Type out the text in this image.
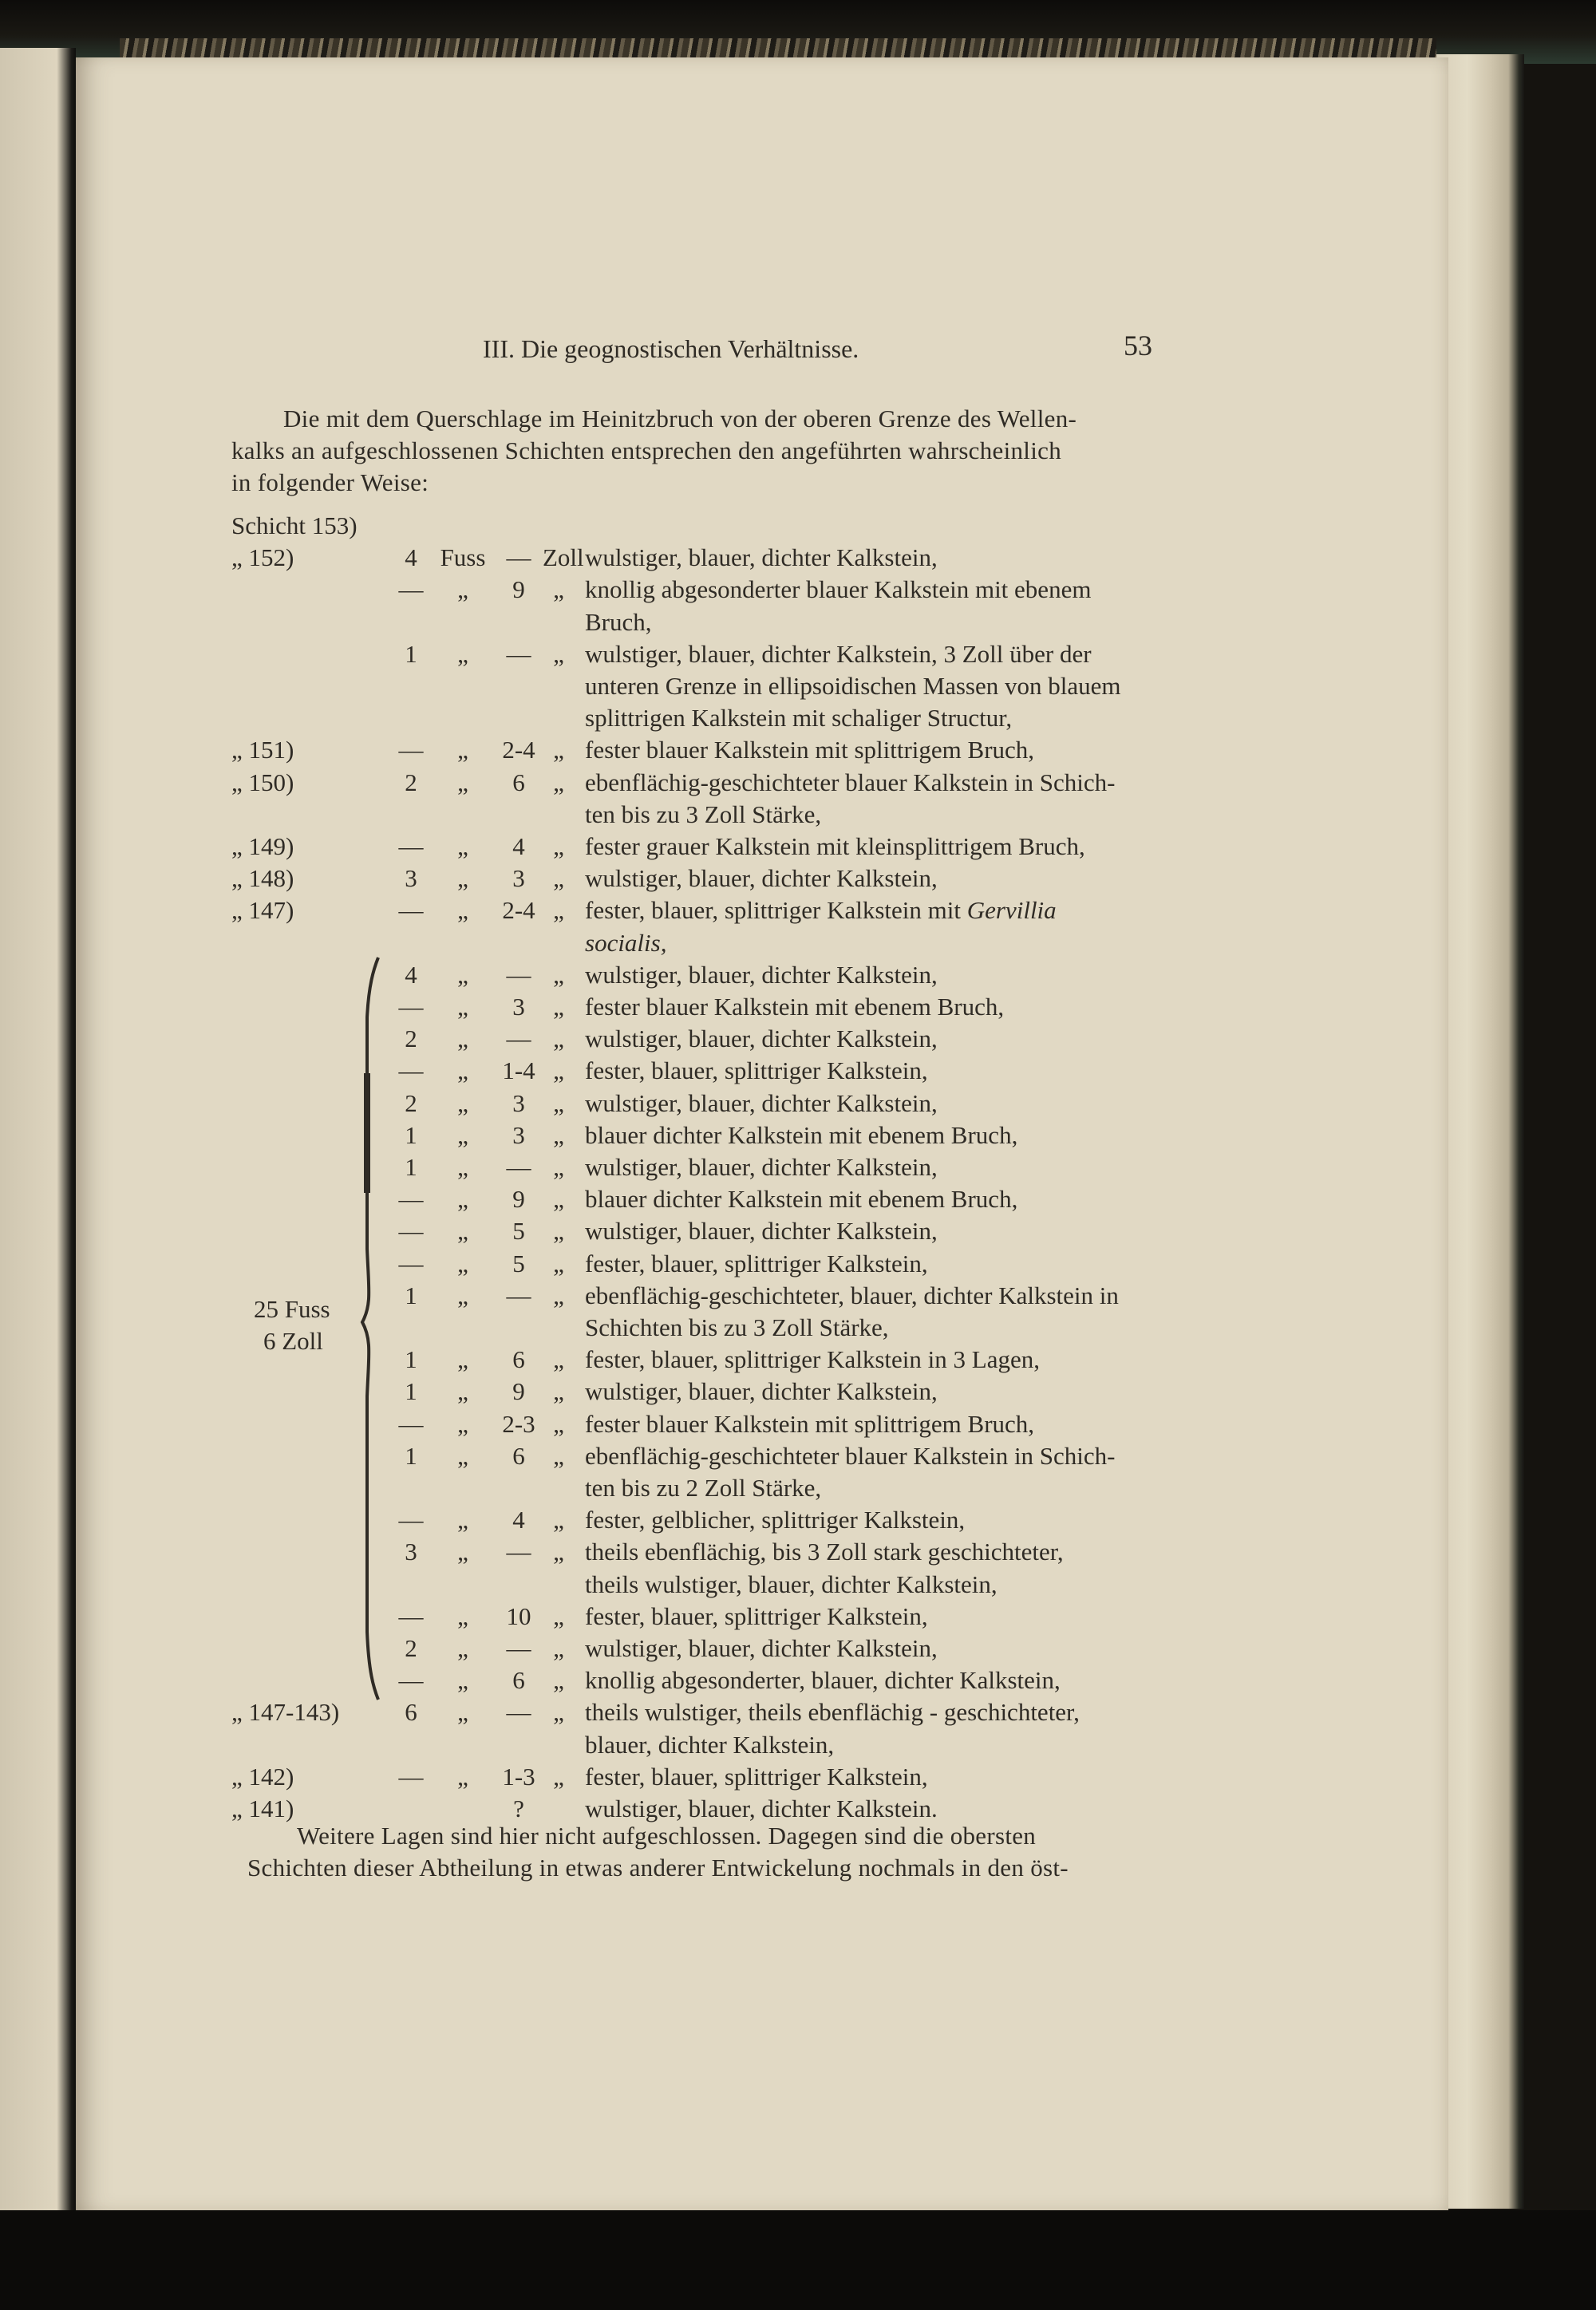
III. Die geognostischen Verhältnisse.	53
Die mit dem Querschlage im Heinitzbruch von der oberen Grenze des Wellen-
kalks an aufgeschlossenen Schichten entsprechen den angeführten wahrscheinlich
in folgender Weise:
Schicht 153)
„ 152)	4 Fuss — Zoll wulstiger, blauer, dichter Kalkstein,
—	„	9	„ knollig abgesonderter blauer Kalkstein mit ebenem
Bruch,
1	„	— „ wulstiger, blauer, dichter Kalkstein, 3 Zoll über der
unteren Grenze in ellipsoidischen Massen von blauem
splittrigen Kalkstein mit schaliger Structur,
„ 151)	—	„	2-4 „ fester blauer Kalkstein mit splittrigem Bruch,
„ 150)	2	„	6	„ ebenflächig-geschichteter blauer Kalkstein in Schich-
ten bis zu 3 Zoll Stärke,
„ 149)	—	„	4	„ fester grauer Kalkstein mit kleinsplittrigem Bruch,
„ 148)	3	„	3	„ wulstiger, blauer, dichter Kalkstein,
„ 147)	—	„	2-4 „ fester, blauer, splittriger Kalkstein mit Gervillia
socialis,
4	„	— „ wulstiger, blauer, dichter Kalkstein,
—	„	3	„ fester blauer Kalkstein mit ebenem Bruch,
2	„	— „ wulstiger, blauer, dichter Kalkstein,
—	„	1-4 „ fester, blauer, splittriger Kalkstein,
2	„	3	„ wulstiger, blauer, dichter Kalkstein,
1	„	3	„ blauer dichter Kalkstein mit ebenem Bruch,
1	„	— „ wulstiger, blauer, dichter Kalkstein,
—	„	9	„ blauer dichter Kalkstein mit ebenem Bruch,
—	„	5	„ wulstiger, blauer, dichter Kalkstein,
—	„	5	„ fester, blauer, splittriger Kalkstein,
1	„	— „ ebenflächig-geschichteter, blauer, dichter Kalkstein in
Schichten bis zu 3 Zoll Stärke,
1	„	6	„ fester, blauer, splittriger Kalkstein in 3 Lagen,
1	„	9	„ wulstiger, blauer, dichter Kalkstein,
—	„	2-3 „ fester blauer Kalkstein mit splittrigem Bruch,
1	„	6	„ ebenflächig-geschichteter blauer Kalkstein in Schich-
ten bis zu 2 Zoll Stärke,
—	„	4	„ fester, gelblicher, splittriger Kalkstein,
3	„	— „ theils ebenflächig, bis 3 Zoll stark geschichteter,
theils wulstiger, blauer, dichter Kalkstein,
—	„	10 „ fester, blauer, splittriger Kalkstein,
2	„	— „ wulstiger, blauer, dichter Kalkstein,
—	„	6	„ knollig abgesonderter, blauer, dichter Kalkstein,
„ 147-143)	6	„	— „ theils wulstiger, theils ebenflächig - geschichteter,
blauer, dichter Kalkstein,
„ 142)	—	„	1-3 „ fester, blauer, splittriger Kalkstein,
„ 141)	?	wulstiger, blauer, dichter Kalkstein.
25 Fuss
6 Zoll
Weitere Lagen sind hier nicht aufgeschlossen. Dagegen sind die obersten
Schichten dieser Abtheilung in etwas anderer Entwickelung nochmals in den öst-
